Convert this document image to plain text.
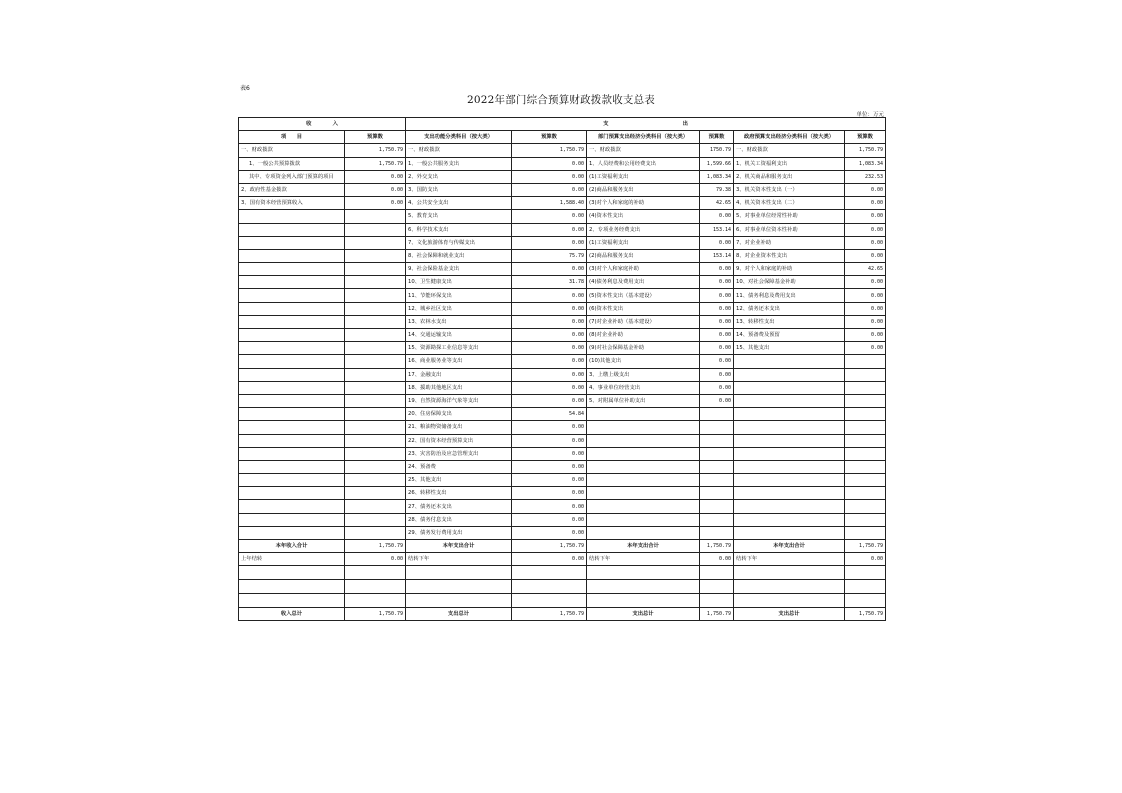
表6
2022年部门综合预算财政拨款收支总表
单位：万元
收　　　　入		支　　　　　　　　　　　　　　出					
项　　目	预算数	支出功能分类科目（按大类）	预算数	部门预算支出经济分类科目（按大类）	预算数	政府预算支出经济分类科目（按大类）	预算数
一、财政拨款	1,750.79	一、财政拨款	1,750.79	一、财政拨款	1750.79	一、财政拨款	1,750.79
1、一般公共预算拨款	1,750.79	1、一般公共服务支出	0.00	1、人员经费和公用经费支出	1,599.66	1、机关工资福利支出	1,083.34
其中、专项资金列入部门预算的项目	0.00	2、外交支出	0.00	(1)工资福利支出	1,083.34	2、机关商品和服务支出	232.53
2、政府性基金拨款	0.00	3、国防支出	0.00	(2)商品和服务支出	79.38	3、机关资本性支出（一）	0.00
3、国有资本经营预算收入	0.00	4、公共安全支出	1,588.40	(3)对个人和家庭的补助	42.65	4、机关资本性支出（二）	0.00
		5、教育支出	0.00	(4)资本性支出	0.00	5、对事业单位经常性补助	0.00
		6、科学技术支出	0.00	2、专项业务经费支出	153.14	6、对事业单位资本性补助	0.00
		7、文化旅游体育与传媒支出	0.00	(1)工资福利支出	0.00	7、对企业补助	0.00
		8、社会保障和就业支出	75.79	(2)商品和服务支出	153.14	8、对企业资本性支出	0.00
		9、社会保险基金支出	0.00	(3)对个人和家庭补助	0.00	9、对个人和家庭的补助	42.65
		10、卫生健康支出	31.78	(4)债务利息及费用支出	0.00	10、对社会保障基金补助	0.00
		11、节能环保支出	0.00	(5)资本性支出（基本建设）	0.00	11、债务利息及费用支出	0.00
		12、城乡社区支出	0.00	(6)资本性支出	0.00	12、债务还本支出	0.00
		13、农林水支出	0.00	(7)对企业补助（基本建设）	0.00	13、转移性支出	0.00
		14、交通运输支出	0.00	(8)对企业补助	0.00	14、预备费及预留	0.00
		15、资源勘探工业信息等支出	0.00	(9)对社会保障基金补助	0.00	15、其他支出	0.00
		16、商业服务业等支出	0.00	(10)其他支出	0.00		
		17、金融支出	0.00	3、上缴上级支出	0.00		
		18、援助其他地区支出	0.00	4、事业单位经营支出	0.00		
		19、自然资源海洋气象等支出	0.00	5、对附属单位补助支出	0.00		
		20、住房保障支出	54.84				
		21、粮油物资储备支出	0.00				
		22、国有资本经营预算支出	0.00				
		23、灾害防治及应急管理支出	0.00				
		24、预备费	0.00				
		25、其他支出	0.00				
		26、转移性支出	0.00				
		27、债务还本支出	0.00				
		28、债务付息支出	0.00				
		29、债务发行费用支出	0.00				
本年收入合计	1,750.79	本年支出合计	1,750.79	本年支出合计	1,750.79	本年支出合计	1,750.79
上年结转	0.00	结转下年	0.00	结转下年	0.00	结转下年	0.00

收入总计	1,750.79	支出总计	1,750.79	支出总计	1,750.79	支出总计	1,750.79
